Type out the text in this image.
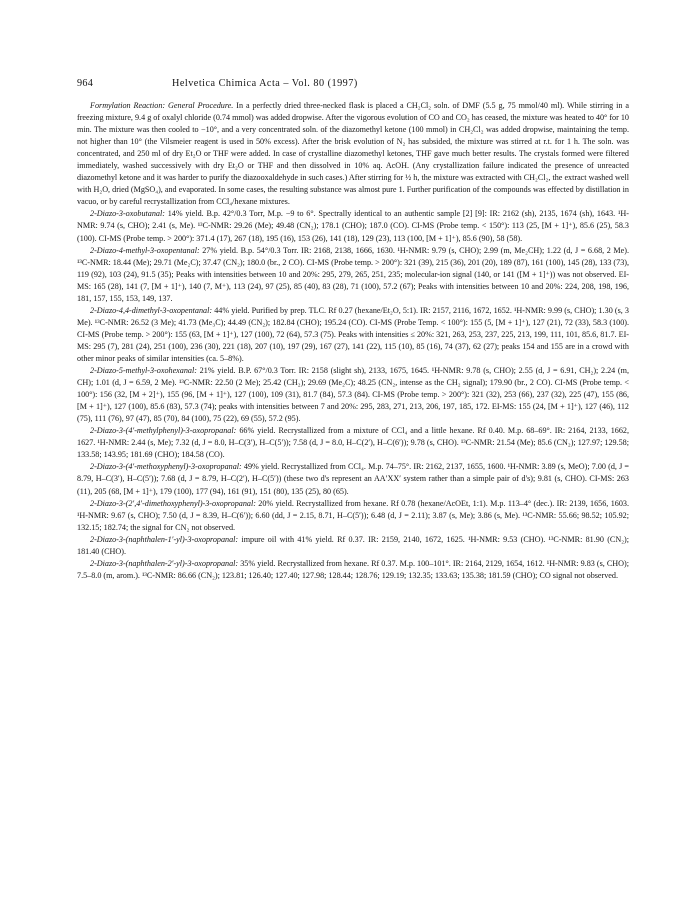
964	Helvetica Chimica Acta – Vol. 80 (1997)

Formylation Reaction: General Procedure. In a perfectly dried three-necked flask is placed a CH₂Cl₂ soln. of DMF (5.5 g, 75 mmol/40 ml). While stirring in a freezing mixture, 9.4 g of oxalyl chloride (0.74 mmol) was added dropwise. After the vigorous evolution of CO and CO₂ has ceased, the mixture was heated to 40° for 10 min. The mixture was then cooled to −10°, and a very concentrated soln. of the diazomethyl ketone (100 mmol) in CH₂Cl₂ was added dropwise, maintaining the temp. not higher than 10° (the Vilsmeier reagent is used in 50% excess). After the brisk evolution of N₂ has subsided, the mixture was stirred at r.t. for 1 h. The soln. was concentrated, and 250 ml of dry Et₂O or THF were added. In case of crystalline diazomethyl ketones, THF gave much better results. The crystals formed were filtered immediately, washed successively with dry Et₂O or THF and then dissolved in 10% aq. AcOH. (Any crystallization failure indicated the presence of unreacted diazomethyl ketone and it was harder to purify the diazooxaldehyde in such cases.) After stirring for ½ h, the mixture was extracted with CH₂Cl₂, the extract washed well with H₂O, dried (MgSO₄), and evaporated. In some cases, the resulting substance was almost pure 1. Further purification of the compounds was effected by distillation in vacuo, or by careful recrystallization from CCl₄/hexane mixtures.

2-Diazo-3-oxobutanal: 14% yield. B.p. 42°/0.3 Torr, M.p. −9 to 6°. Spectrally identical to an authentic sample [2] [9]: IR: 2162 (sh), 2135, 1674 (sh), 1643. ¹H-NMR: 9.74 (s, CHO); 2.41 (s, Me). ¹³C-NMR: 29.26 (Me); 49.48 (CN₂); 178.1 (CHO); 187.0 (CO). CI-MS (Probe temp. < 150°): 113 (25, [M + 1]⁺), 85.6 (25), 58.3 (100). CI-MS (Probe temp. > 200°): 371.4 (17), 267 (18), 195 (16), 153 (26), 141 (18), 129 (23), 113 (100, [M + 1]⁺), 85.6 (90), 58 (58).

2-Diazo-4-methyl-3-oxopentanal: 27% yield. B.p. 54°/0.3 Torr. IR: 2168, 2138, 1666, 1630. ¹H-NMR: 9.79 (s, CHO); 2.99 (m, Me₂CH); 1.22 (d, J = 6.68, 2 Me). ¹³C-NMR: 18.44 (Me); 29.71 (Me₂C); 37.47 (CN₂); 180.0 (br., 2 CO). CI-MS (Probe temp. > 200°): 321 (39), 215 (36), 201 (20), 189 (87), 161 (100), 145 (28), 133 (73), 119 (92), 103 (24), 91.5 (35); Peaks with intensities between 10 and 20%: 295, 279, 265, 251, 235; molecular-ion signal (140, or 141 ([M + 1]⁺)) was not observed. EI-MS: 165 (28), 141 (7, [M + 1]⁺), 140 (7, M⁺), 113 (24), 97 (25), 85 (40), 83 (28), 71 (100), 57.2 (67); Peaks with intensities between 10 and 20%: 224, 208, 198, 196, 181, 157, 155, 153, 149, 137.

2-Diazo-4,4-dimethyl-3-oxopentanal: 44% yield. Purified by prep. TLC. Rf 0.27 (hexane/Et₂O, 5:1). IR: 2157, 2116, 1672, 1652. ¹H-NMR: 9.99 (s, CHO); 1.30 (s, 3 Me). ¹³C-NMR: 26.52 (3 Me); 41.73 (Me₃C); 44.49 (CN₂); 182.84 (CHO); 195.24 (CO). CI-MS (Probe Temp. < 100°): 155 (5, [M + 1]⁺), 127 (21), 72 (33), 58.3 (100). CI-MS (Probe temp. > 200°): 155 (63, [M + 1]⁺), 127 (100), 72 (64), 57.3 (75). Peaks with intensities ≤ 20%: 321, 263, 253, 237, 225, 213, 199, 111, 101, 85.6, 81.7. EI-MS: 295 (7), 281 (24), 251 (100), 236 (30), 221 (18), 207 (10), 197 (29), 167 (27), 141 (22), 115 (10), 85 (16), 74 (37), 62 (27); peaks 154 and 155 are in a crowd with other minor peaks of similar intensities (ca. 5–8%).

2-Diazo-5-methyl-3-oxohexanal: 21% yield. B.P. 67°/0.3 Torr. IR: 2158 (slight sh), 2133, 1675, 1645. ¹H-NMR: 9.78 (s, CHO); 2.55 (d, J = 6.91, CH₂); 2.24 (m, CH); 1.01 (d, J = 6.59, 2 Me). ¹³C-NMR: 22.50 (2 Me); 25.42 (CH₂); 29.69 (Me₂C); 48.25 (CN₂, intense as the CH₂ signal); 179.90 (br., 2 CO). CI-MS (Probe temp. < 100°): 156 (32, [M + 2]⁺), 155 (96, [M + 1]⁺), 127 (100), 109 (31), 81.7 (84), 57.3 (84). CI-MS (Probe temp. > 200°): 321 (32), 253 (66), 237 (32), 225 (47), 155 (86, [M + 1]⁺), 127 (100), 85.6 (83), 57.3 (74); peaks with intensities between 7 and 20%: 295, 283, 271, 213, 206, 197, 185, 172. EI-MS: 155 (24, [M + 1]⁺), 127 (46), 112 (75), 111 (76), 97 (47), 85 (70), 84 (100), 75 (22), 69 (55), 57.2 (95).

2-Diazo-3-(4′-methylphenyl)-3-oxopropanal: 66% yield. Recrystallized from a mixture of CCl₄ and a little hexane. Rf 0.40. M.p. 68–69°. IR: 2164, 2133, 1662, 1627. ¹H-NMR: 2.44 (s, Me); 7.32 (d, J = 8.0, H–C(3′), H–C(5′)); 7.58 (d, J = 8.0, H–C(2′), H–C(6′)); 9.78 (s, CHO). ¹³C-NMR: 21.54 (Me); 85.6 (CN₂); 127.97; 129.58; 133.58; 143.95; 181.69 (CHO); 184.58 (CO).

2-Diazo-3-(4′-methoxyphenyl)-3-oxopropanal: 49% yield. Recrystallized from CCl₄. M.p. 74–75°. IR: 2162, 2137, 1655, 1600. ¹H-NMR: 3.89 (s, MeO); 7.00 (d, J = 8.79, H–C(3′), H–C(5′)); 7.68 (d, J = 8.79, H–C(2′), H–C(5′)) (these two d's represent an AA′XX′ system rather than a simple pair of d's); 9.81 (s, CHO). CI-MS: 263 (11), 205 (68, [M + 1]⁺), 179 (100), 177 (94), 161 (91), 151 (80), 135 (25), 80 (65).

2-Diazo-3-(2′,4′-dimethoxyphenyl)-3-oxopropanal: 20% yield. Recrystallized from hexane. Rf 0.78 (hexane/AcOEt, 1:1). M.p. 113–4° (dec.). IR: 2139, 1656, 1603. ¹H-NMR: 9.67 (s, CHO); 7.50 (d, J = 8.39, H–C(6′)); 6.60 (dd, J = 2.15, 8.71, H–C(5′)); 6.48 (d, J = 2.11); 3.87 (s, Me); 3.86 (s, Me). ¹³C-NMR: 55.66; 98.52; 105.92; 132.15; 182.74; the signal for CN₂ not observed.

2-Diazo-3-(naphthalen-1′-yl)-3-oxopropanal: impure oil with 41% yield. Rf 0.37. IR: 2159, 2140, 1672, 1625. ¹H-NMR: 9.53 (CHO). ¹³C-NMR: 81.90 (CN₂); 181.40 (CHO).

2-Diazo-3-(naphthalen-2′-yl)-3-oxopropanal: 35% yield. Recrystallized from hexane. Rf 0.37. M.p. 100–101°. IR: 2164, 2129, 1654, 1612. ¹H-NMR: 9.83 (s, CHO); 7.5–8.0 (m, arom.). ¹³C-NMR: 86.66 (CN₂); 123.81; 126.40; 127.40; 127.98; 128.44; 128.76; 129.19; 132.35; 133.63; 135.38; 181.59 (CHO); CO signal not observed.
